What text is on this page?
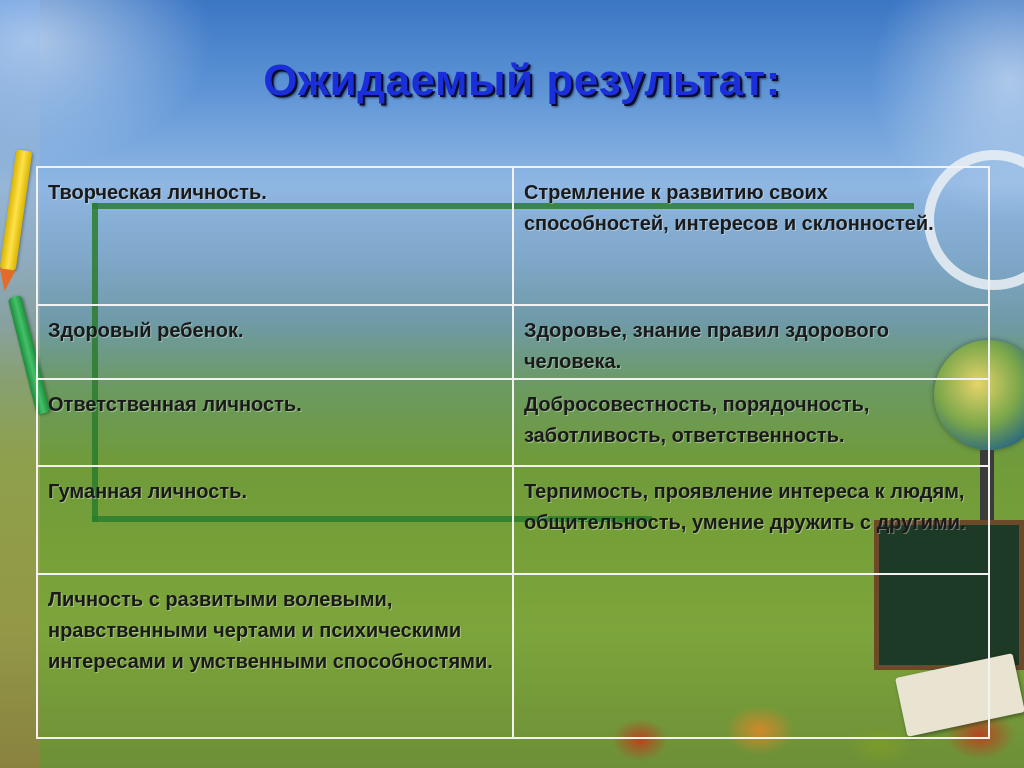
Ожидаемый результат:
Творческая личность.	Стремление к развитию своих способностей, интересов и склонностей.
Здоровый ребенок.	Здоровье, знание правил здорового человека.
Ответственная личность.	Добросовестность, порядочность, заботливость, ответственность.
Гуманная личность.	Терпимость, проявление интереса к людям, общительность, умение дружить с другими.
Личность с развитыми волевыми, нравственными чертами и психическими интересами и умственными способностями.	
